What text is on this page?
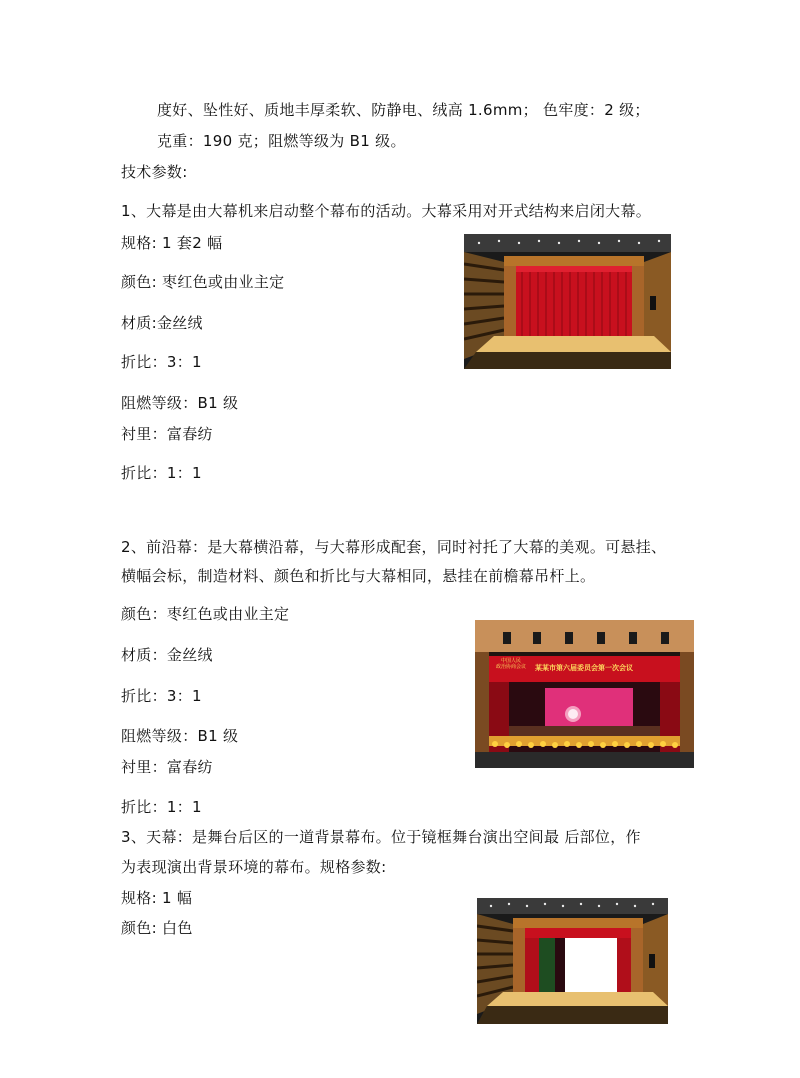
度好、坠性好、质地丰厚柔软、防静电、绒高 1.6mm； 色牢度：2 级；
克重：190 克；阻燃等级为 B1 级。
技术参数:
1、大幕是由大幕机来启动整个幕布的活动。大幕采用对开式结构来启闭大幕。
规格: 1 套2 幅
颜色: 枣红色或由业主定
材质:金丝绒
折比：3：1
阻燃等级：B1 级
衬里：富春纺
折比：1：1
2、前沿幕：是大幕横沿幕，与大幕形成配套，同时衬托了大幕的美观。可悬挂、
横幅会标，制造材料、颜色和折比与大幕相同，悬挂在前檐幕吊杆上。
颜色：枣红色或由业主定
材质：金丝绒
折比：3：1
阻燃等级：B1 级
衬里：富春纺
折比：1：1
中国人民
政治协商会议	某某市第六届委员会第一次会议
3、天幕：是舞台后区的一道背景幕布。位于镜框舞台演出空间最 后部位，作
为表现演出背景环境的幕布。规格参数:
规格: 1 幅
颜色: 白色
